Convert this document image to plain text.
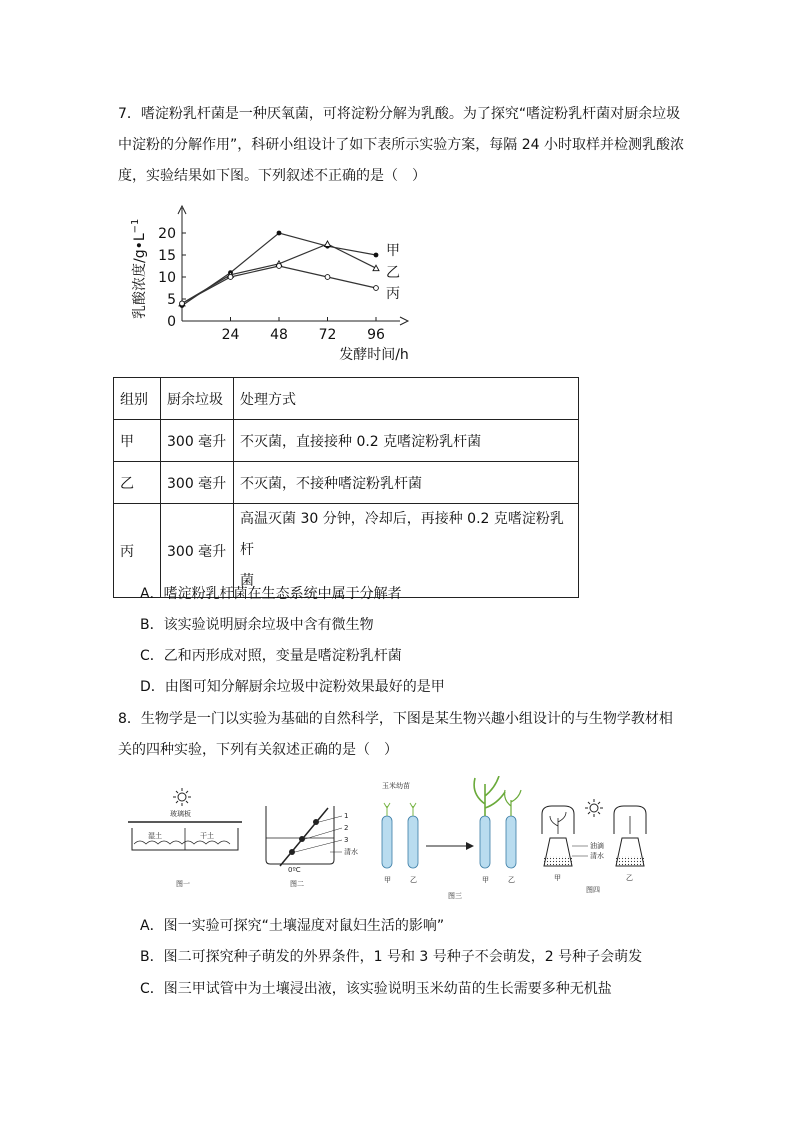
7．嗜淀粉乳杆菌是一种厌氧菌，可将淀粉分解为乳酸。为了探究“嗜淀粉乳杆菌对厨余垃圾
中淀粉的分解作用”，科研小组设计了如下表所示实验方案，每隔 24 小时取样并检测乳酸浓
度，实验结果如下图。下列叙述不正确的是（　）
0
5
10
15
20
24 48 72 96
发酵时间/h
乳酸浓度$/g•L^{-1}$
甲
乙
丙
组别	厨余垃圾	处理方式
甲	300 毫升	不灭菌，直接接种 0.2 克嗜淀粉乳杆菌
乙	300 毫升	不灭菌，不接种嗜淀粉乳杆菌
丙	300 毫升	高温灭菌 30 分钟，冷却后，再接种 0.2 克嗜淀粉乳杆
菌
A．嗜淀粉乳杆菌在生态系统中属于分解者
B．该实验说明厨余垃圾中含有微生物
C．乙和丙形成对照，变量是嗜淀粉乳杆菌
D．由图可知分解厨余垃圾中淀粉效果最好的是甲
8．生物学是一门以实验为基础的自然科学，下图是某生物兴趣小组设计的与生物学教材相
关的四种实验，下列有关叙述正确的是（　）
玻璃板
湿土	干土
图一
1
2
3
清水
0ºC
图二
玉米幼苗
甲	乙	甲	乙
图三
油滴
清水
甲	乙
图四
A．图一实验可探究“土壤湿度对鼠妇生活的影响”
B．图二可探究种子萌发的外界条件，1 号和 3 号种子不会萌发，2 号种子会萌发
C．图三甲试管中为土壤浸出液，该实验说明玉米幼苗的生长需要多种无机盐
